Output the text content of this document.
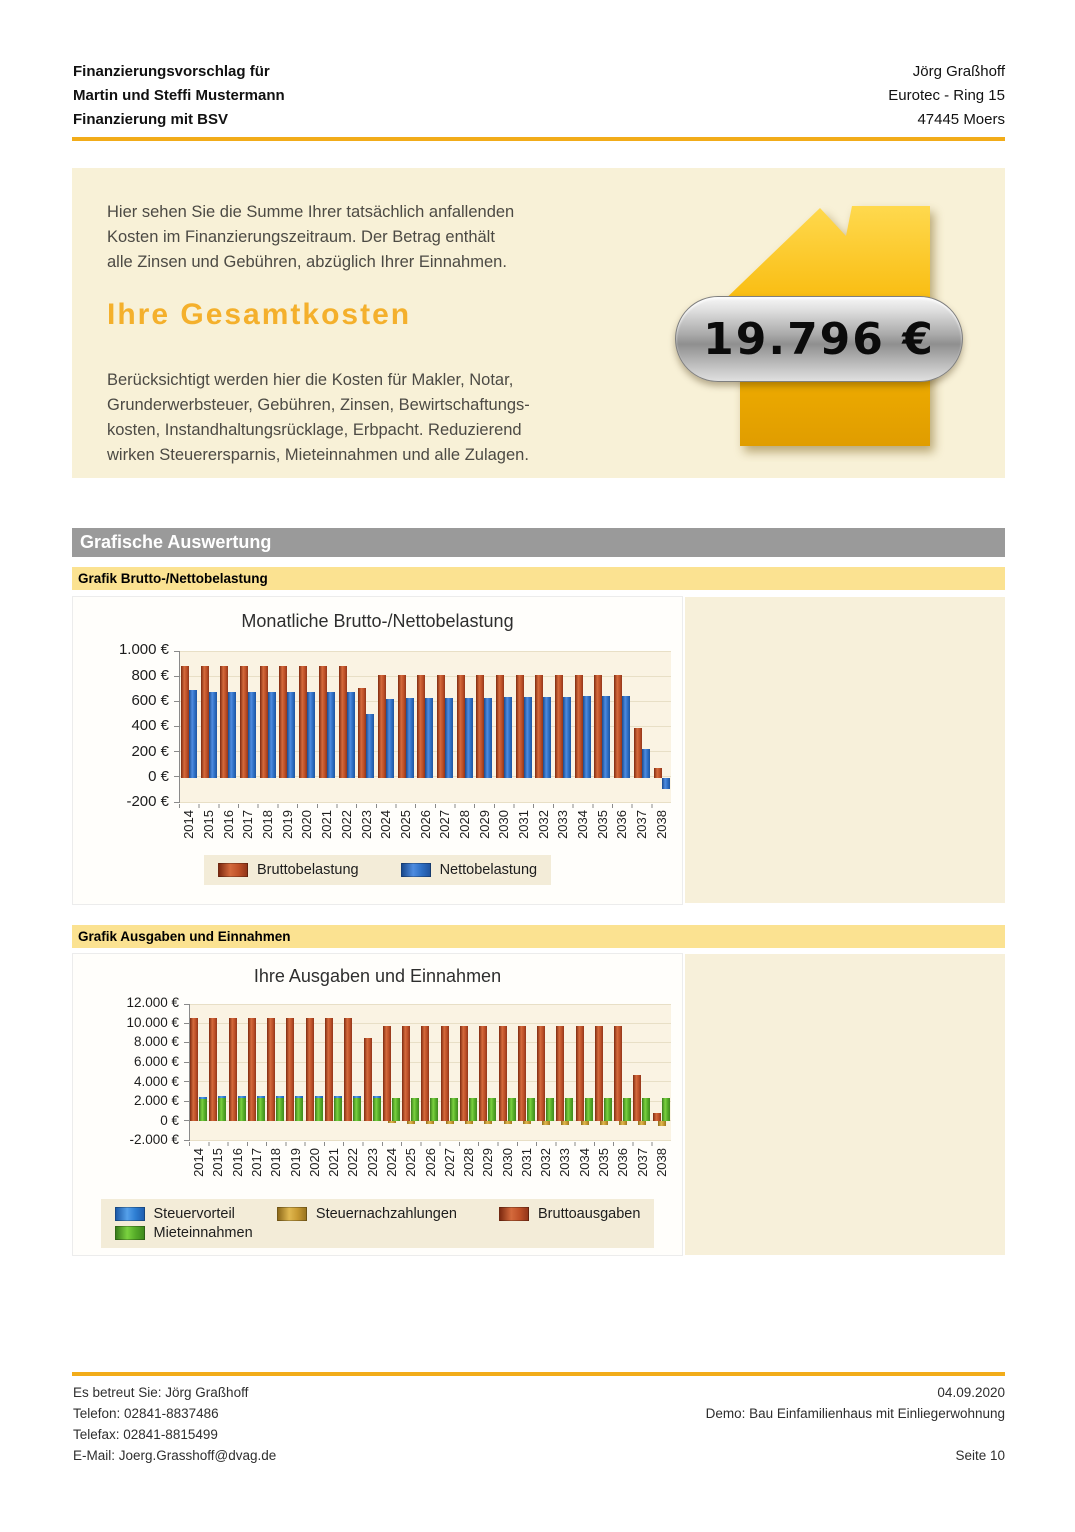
Finanzierungsvorschlag für
Martin und Steffi Mustermann
Finanzierung mit BSV
Jörg Graßhoff
Eurotec - Ring 15
47445 Moers
Hier sehen Sie die Summe Ihrer tatsächlich anfallenden
Kosten im Finanzierungszeitraum. Der Betrag enthält
alle Zinsen und Gebühren, abzüglich Ihrer Einnahmen.
Ihre Gesamtkosten
Berücksichtigt werden hier die Kosten für Makler, Notar,
Grunderwerbsteuer, Gebühren, Zinsen, Bewirtschaftungs-
kosten, Instandhaltungsrücklage, Erbpacht. Reduzierend
wirken Steuerersparnis, Mieteinnahmen und alle Zulagen.
19.796 €
Grafische Auswertung
Grafik Brutto-/Nettobelastung
Monatliche Brutto-/Nettobelastung
1.000 €
800 €
600 €
400 €
200 €
0 €
-200 €
2014 2015 2016 2017 2018 2019 2020 2021 2022 2023 2024 2025 2026 2027 2028 2029 2030 2031 2032 2033 2034 2035 2036 2037 2038
Bruttobelastung	Nettobelastung
Grafik Ausgaben und Einnahmen
Ihre Ausgaben und Einnahmen
12.000 €
10.000 €
8.000 €
6.000 €
4.000 €
2.000 €
0 €
-2.000 €
2014 2015 2016 2017 2018 2019 2020 2021 2022 2023 2024 2025 2026 2027 2028 2029 2030 2031 2032 2033 2034 2035 2036 2037 2038
Steuervorteil	Steuernachzahlungen	Bruttoausgaben
Mieteinnahmen
Es betreut Sie: Jörg Graßhoff
Telefon: 02841-8837486
Telefax: 02841-8815499
E-Mail: Joerg.Grasshoff@dvag.de
04.09.2020
Demo: Bau Einfamilienhaus mit Einliegerwohnung

Seite 10
